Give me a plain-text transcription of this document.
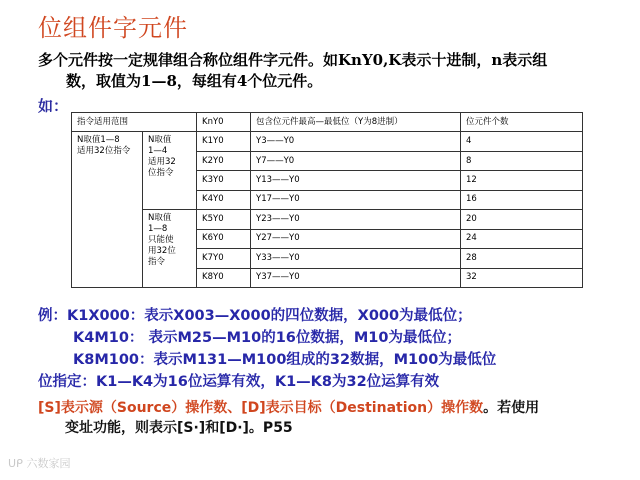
位组件字元件
多个元件按一定规律组合称位组件字元件。如KnY0,K表示十进制，n表示组
数，取值为1—8，每组有4个位元件。
如：
指令适用范围		KnY0	包含位元件最高—最低位（Y为8进制）	位元件个数
N取值1—8
适用32位指令	N取值
1—4
适用32
位指令	K1Y0	Y3——Y0	4
		K2Y0	Y7——Y0	8
		K3Y0	Y13——Y0	12
		K4Y0	Y17——Y0	16
	N取值
1—8
只能使
用32位
指令	K5Y0	Y23——Y0	20
		K6Y0	Y27——Y0	24
		K7Y0	Y33——Y0	28
		K8Y0	Y37——Y0	32
例：K1X000：表示X003—X000的四位数据，X000为最低位；
K4M10： 表示M25—M10的16位数据，M10为最低位；
K8M100：表示M131—M100组成的32数据，M100为最低位
位指定：K1—K4为16位运算有效，K1—K8为32位运算有效
[S]表示源（Source）操作数、[D]表示目标（Destination）操作数。若使用
变址功能，则表示[S·]和[D·]。P55
ᑌᑭ 六数家园
